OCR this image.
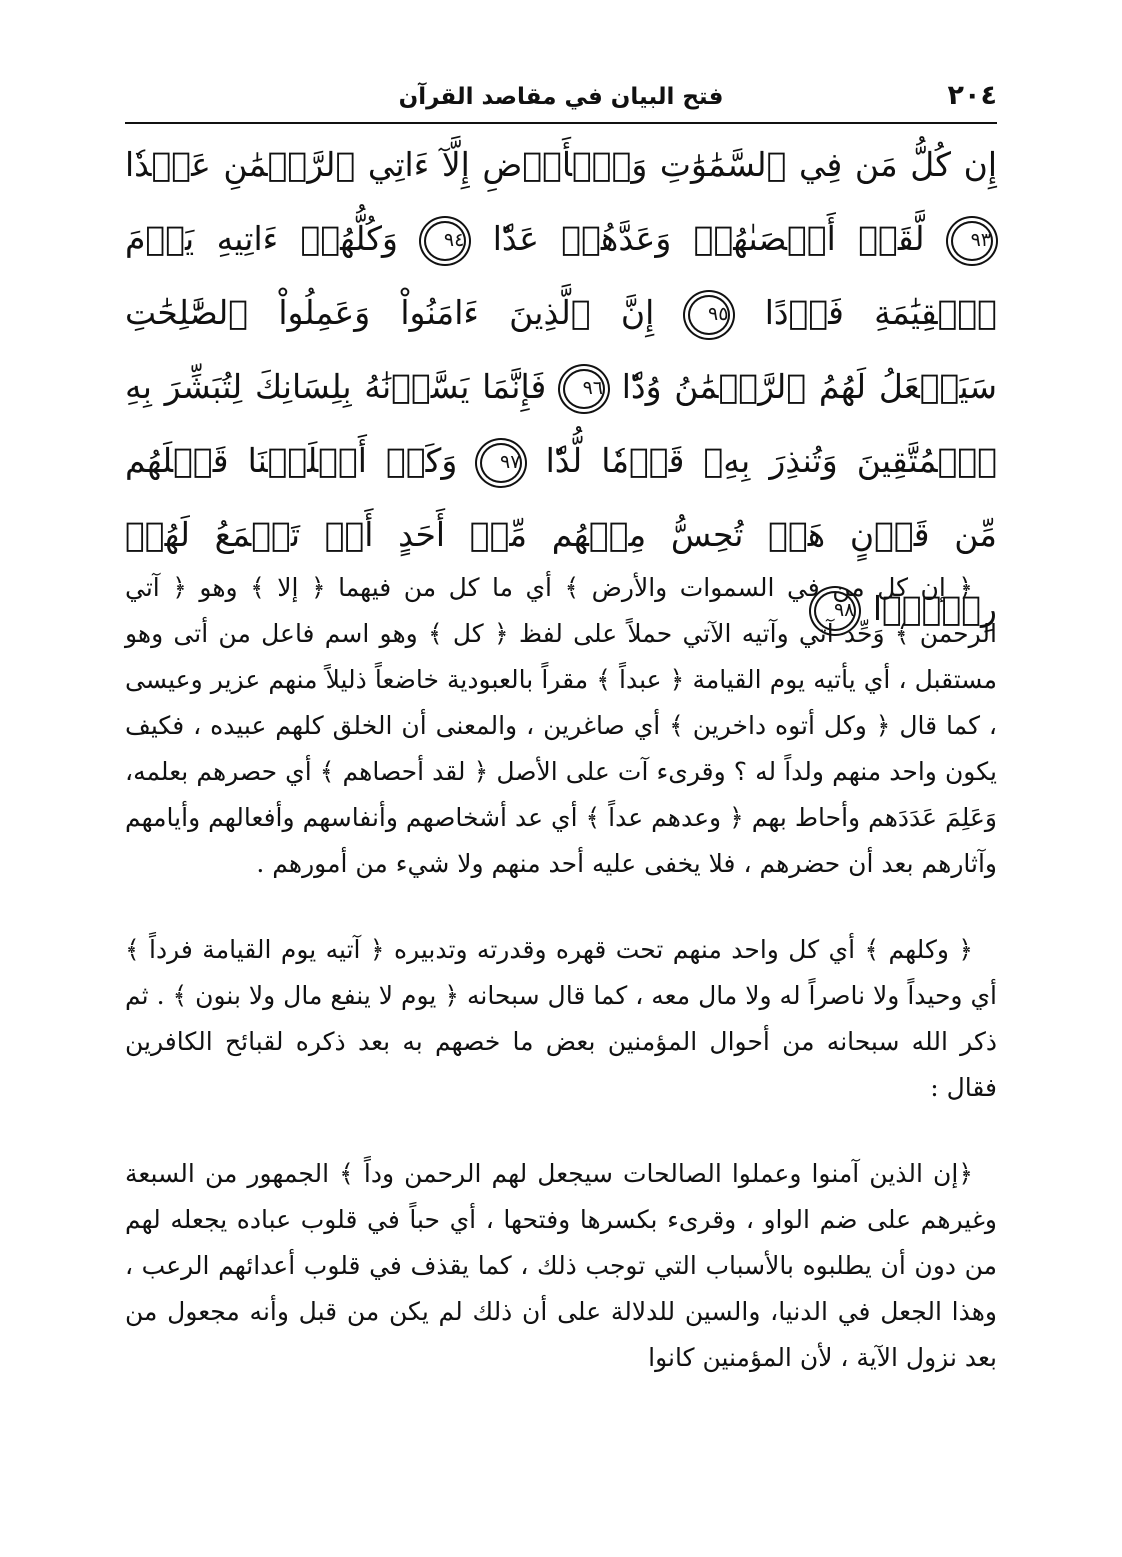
٢٠٤
فتح البيان في مقاصد القرآن
إِن كُلُّ مَن فِي ٱلسَّمَٰوَٰتِ وَٱلۡأَرۡضِ إِلَّآ ءَاتِي ٱلرَّحۡمَٰنِ عَبۡدٗا ٩٣ لَّقَدۡ أَحۡصَىٰهُمۡ وَعَدَّهُمۡ عَدّٗا ٩٤ وَكُلُّهُمۡ ءَاتِيهِ يَوۡمَ ٱلۡقِيَٰمَةِ فَرۡدًا ٩٥ إِنَّ ٱلَّذِينَ ءَامَنُواْ وَعَمِلُواْ ٱلصَّٰلِحَٰتِ سَيَجۡعَلُ لَهُمُ ٱلرَّحۡمَٰنُ وُدّٗا ٩٦ فَإِنَّمَا يَسَّرۡنَٰهُ بِلِسَانِكَ لِتُبَشِّرَ بِهِ ٱلۡمُتَّقِينَ وَتُنذِرَ بِهِۦ قَوۡمٗا لُّدّٗا ٩٧ وَكَمۡ أَهۡلَكۡنَا قَبۡلَهُم مِّن قَرۡنٍ هَلۡ تُحِسُّ مِنۡهُم مِّنۡ أَحَدٍ أَوۡ تَسۡمَعُ لَهُمۡ رِكۡزَۢا ٩٨

﴿ إن كل من في السموات والأرض ﴾ أي ما كل من فيهما ﴿ إلا ﴾ وهو ﴿ آتي الرحمن ﴾ وَحِّد آتي وآتيه الآتي حملاً على لفظ ﴿ كل ﴾ وهو اسم فاعل من أتى وهو مستقبل ، أي يأتيه يوم القيامة ﴿ عبداً ﴾ مقراً بالعبودية خاضعاً ذليلاً منهم عزير وعيسى ، كما قال ﴿ وكل أتوه داخرين ﴾ أي صاغرين ، والمعنى أن الخلق كلهم عبيده ، فكيف يكون واحد منهم ولداً له ؟ وقرىء آت على الأصل ﴿ لقد أحصاهم ﴾ أي حصرهم بعلمه، وَعَلِمَ عَدَدَهم وأحاط بهم ﴿ وعدهم عداً ﴾ أي عد أشخاصهم وأنفاسهم وأفعالهم وأيامهم وآثارهم بعد أن حضرهم ، فلا يخفى عليه أحد منهم ولا شيء من أمورهم .

﴿ وكلهم ﴾ أي كل واحد منهم تحت قهره وقدرته وتدبيره ﴿ آتيه يوم القيامة فرداً ﴾ أي وحيداً ولا ناصراً له ولا مال معه ، كما قال سبحانه ﴿ يوم لا ينفع مال ولا بنون ﴾ . ثم ذكر الله سبحانه من أحوال المؤمنين بعض ما خصهم به بعد ذكره لقبائح الكافرين فقال :

﴿إن الذين آمنوا وعملوا الصالحات سيجعل لهم الرحمن وداً ﴾ الجمهور من السبعة وغيرهم على ضم الواو ، وقرىء بكسرها وفتحها ، أي حباً في قلوب عباده يجعله لهم من دون أن يطلبوه بالأسباب التي توجب ذلك ، كما يقذف في قلوب أعدائهم الرعب ، وهذا الجعل في الدنيا، والسين للدلالة على أن ذلك لم يكن من قبل وأنه مجعول من بعد نزول الآية ، لأن المؤمنين كانوا
